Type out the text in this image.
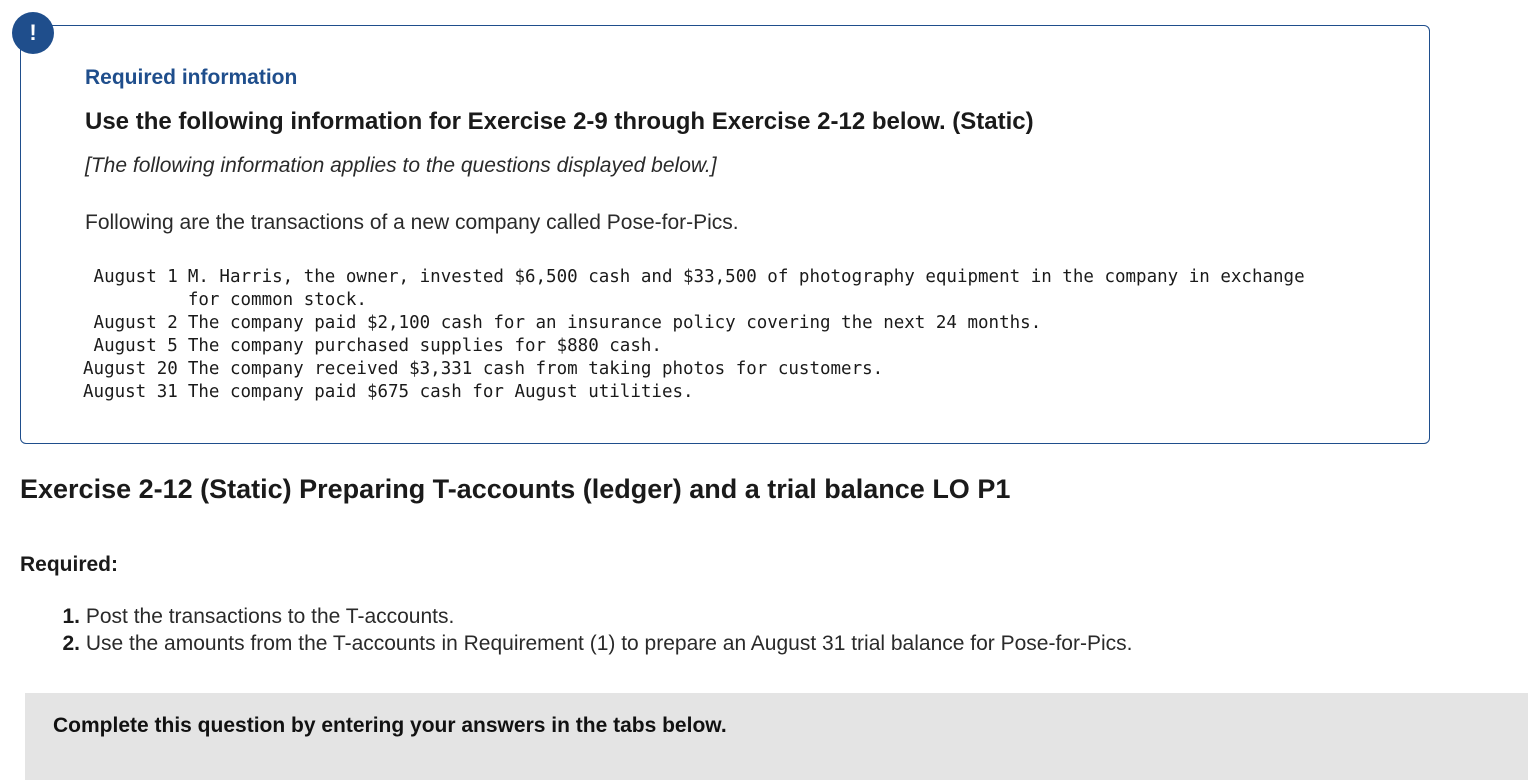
!
Required information
Use the following information for Exercise 2-9 through Exercise 2-12 below. (Static)
[The following information applies to the questions displayed below.]
Following are the transactions of a new company called Pose-for-Pics.
August 1	M. Harris, the owner, invested $6,500 cash and $33,500 of photography equipment in the company in exchange for common stock.
August 2	The company paid $2,100 cash for an insurance policy covering the next 24 months.
August 5	The company purchased supplies for $880 cash.
August 20	The company received $3,331 cash from taking photos for customers.
August 31	The company paid $675 cash for August utilities.
Exercise 2-12 (Static) Preparing T-accounts (ledger) and a trial balance LO P1
Required:
1. Post the transactions to the T-accounts.
2. Use the amounts from the T-accounts in Requirement (1) to prepare an August 31 trial balance for Pose-for-Pics.
Complete this question by entering your answers in the tabs below.
